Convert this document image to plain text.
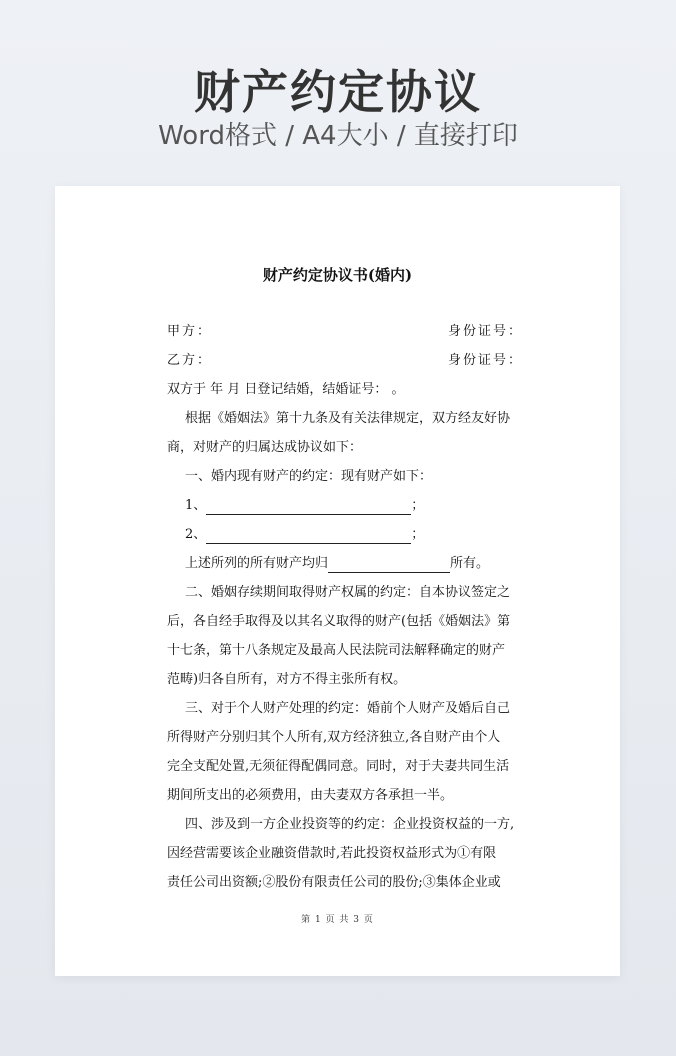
财产约定协议
Word格式 / A4大小 / 直接打印
财产约定协议书(婚内)
甲方：	身份证号：
乙方：	身份证号：
双方于 年 月 日登记结婚，结婚证号： 。
根据《婚姻法》第十九条及有关法律规定，双方经友好协
商，对财产的归属达成协议如下：
一、婚内现有财产的约定：现有财产如下：
1、	；
2、	；
上述所列的所有财产均归	所有。
二、婚姻存续期间取得财产权属的约定：自本协议签定之
后，各自经手取得及以其名义取得的财产(包括《婚姻法》第
十七条，第十八条规定及最高人民法院司法解释确定的财产
范畴)归各自所有，对方不得主张所有权。
三、对于个人财产处理的约定：婚前个人财产及婚后自己
所得财产分别归其个人所有,双方经济独立,各自财产由个人
完全支配处置,无须征得配偶同意。同时，对于夫妻共同生活
期间所支出的必须费用，由夫妻双方各承担一半。
四、涉及到一方企业投资等的约定：企业投资权益的一方,
因经营需要该企业融资借款时,若此投资权益形式为①有限
责任公司出资额;②股份有限责任公司的股份;③集体企业或
第 1 页 共 3 页
